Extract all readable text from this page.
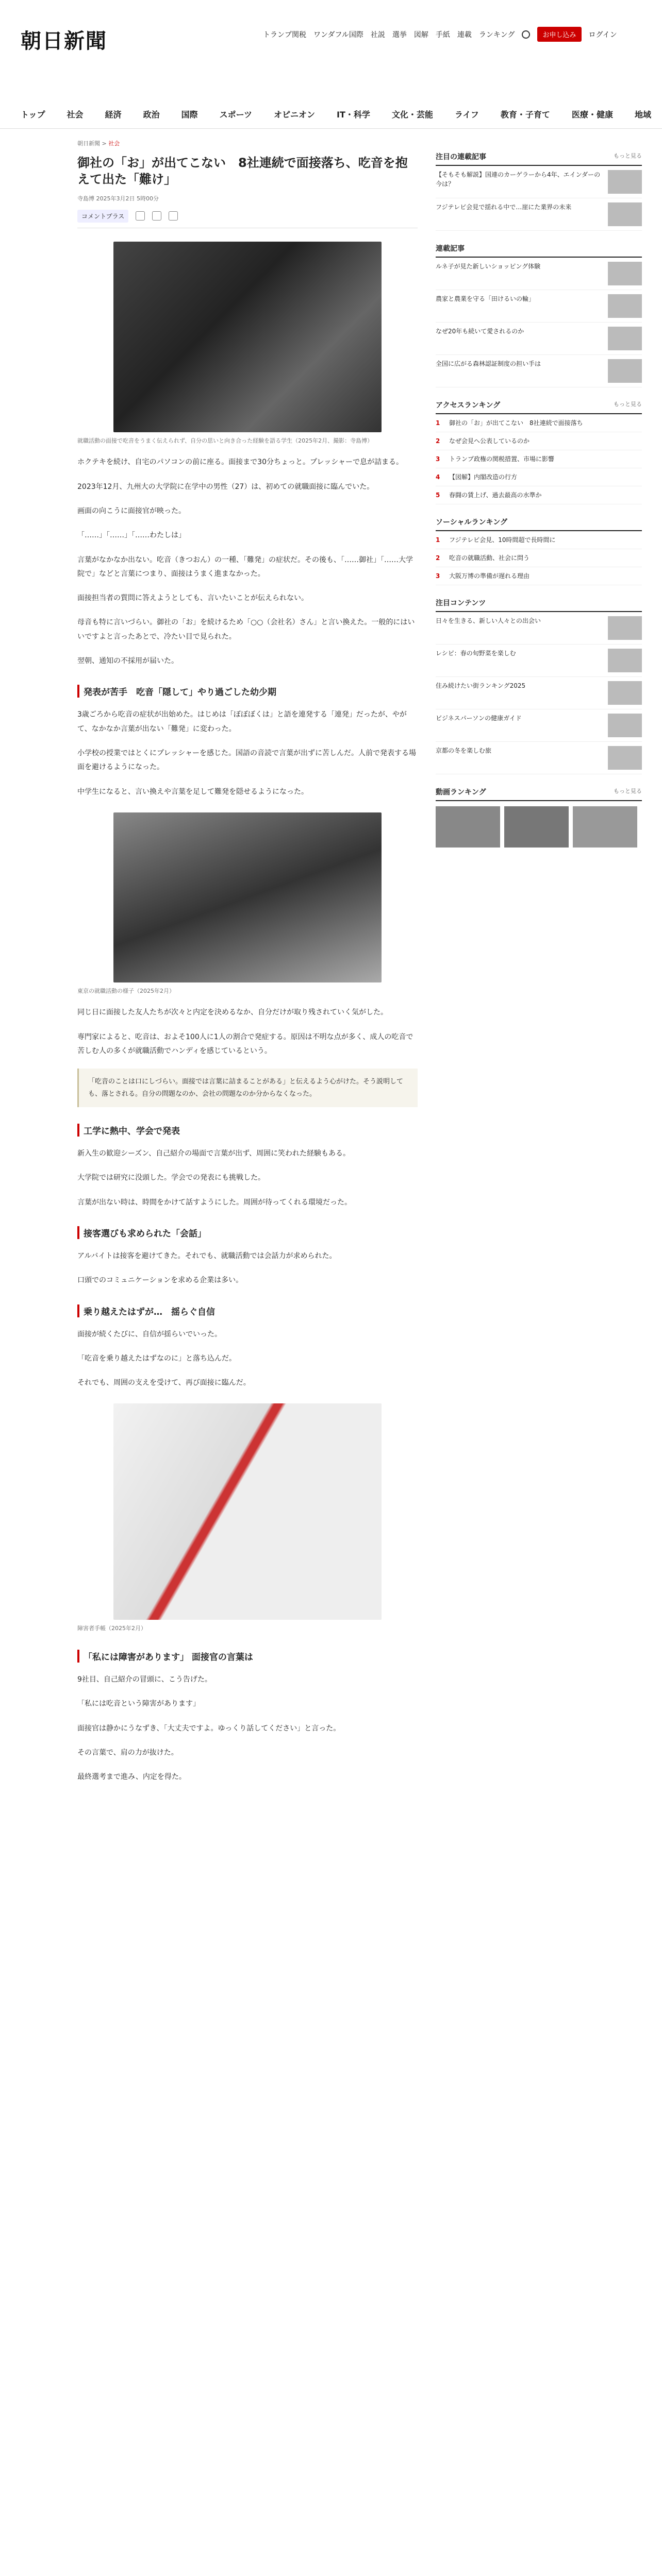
朝日新聞	トランプ関税 ワンダフル国際 社説 選挙 図解 手紙 連載 ランキング	お申し込み	ログイン
トップ	社会	経済	政治	国際	スポーツ	オピニオン	IT・科学	文化・芸能	ライフ	教育・子育て	医療・健康	地域
朝日新聞 > 社会
御社の「お」が出てこない　8社連続で面接落ち、吃音を抱えて出た「難け」
寺島博 2025年3月2日 5時00分
コメントプラス
就職活動の面接で吃音をうまく伝えられず、自分の思いと向き合った経験を語る学生（2025年2月、撮影：寺島博）
ホクテキを続け、自宅のパソコンの前に座る。面接まで30分ちょっと。プレッシャーで息が詰まる。
2023年12月、九州大の大学院に在学中の男性（27）は、初めての就職面接に臨んでいた。
画面の向こうに面接官が映った。
「……」「……」「……わたしは」
言葉がなかなか出ない。吃音（きつおん）の一種、「難発」の症状だ。その後も、「……御社」「……大学院で」などと言葉につまり、面接はうまく進まなかった。
面接担当者の質問に答えようとしても、言いたいことが伝えられない。
母音も特に言いづらい。御社の「お」を続けるため「○○（会社名）さん」と言い換えた。一般的にはいいですよと言ったあとで、冷たい目で見られた。
翌朝、通知の不採用が届いた。
発表が苦手　吃音「隠して」やり過ごした幼少期
3歳ごろから吃音の症状が出始めた。はじめは「ぼぼぼくは」と語を連発する「連発」だったが、やがて、なかなか言葉が出ない「難発」に変わった。
小学校の授業ではとくにプレッシャーを感じた。国語の音読で言葉が出ずに苦しんだ。人前で発表する場面を避けるようになった。
中学生になると、言い換えや言葉を足して難発を隠せるようになった。
東京の就職活動の様子（2025年2月）
同じ日に面接した友人たちが次々と内定を決めるなか、自分だけが取り残されていく気がした。
専門家によると、吃音は、およそ100人に1人の割合で発症する。原因は不明な点が多く、成人の吃音で苦しむ人の多くが就職活動でハンディを感じているという。
「吃音のことは口にしづらい。面接では言葉に詰まることがある」と伝えるよう心がけた。そう説明しても、落とされる。自分の問題なのか、会社の問題なのか分からなくなった。
工学に熱中、学会で発表
新入生の歓迎シーズン、自己紹介の場面で言葉が出ず、周囲に笑われた経験もある。
大学院では研究に没頭した。学会での発表にも挑戦した。
言葉が出ない時は、時間をかけて話すようにした。周囲が待ってくれる環境だった。
接客選びも求められた「会話」
アルバイトは接客を避けてきた。それでも、就職活動では会話力が求められた。
口頭でのコミュニケーションを求める企業は多い。
乗り越えたはずが…　揺らぐ自信
面接が続くたびに、自信が揺らいでいった。
「吃音を乗り越えたはずなのに」と落ち込んだ。
それでも、周囲の支えを受けて、再び面接に臨んだ。
障害者手帳（2025年2月）
「私には障害があります」 面接官の言葉は
9社目、自己紹介の冒頭に、こう告げた。
「私には吃音という障害があります」
面接官は静かにうなずき、「大丈夫ですよ。ゆっくり話してください」と言った。
その言葉で、肩の力が抜けた。
最終選考まで進み、内定を得た。
注目の連載記事	もっと見る
【そもそも解説】国連のカーゲラーから4年、エインダーの今は？
フジテレビ会見で揺れる中で…崖にた業界の未来
連載記事
ルネ子が見た新しいショッピング体験
農家と農業を守る「田けるいの輪」
なぜ20年も続いて愛されるのか
全国に広がる森林認証制度の担い手は
アクセスランキング	もっと見る
1	御社の「お」が出てこない　8社連続で面接落ち
2	なぜ会見へ公表しているのか
3	トランプ政権の関税措置、市場に影響
4	【図解】内閣改造の行方
5	春闘の賃上げ、過去最高の水準か
ソーシャルランキング
1	フジテレビ会見、10時間超で長時間に
2	吃音の就職活動、社会に問う
3	大阪万博の準備が遅れる理由
注目コンテンツ
日々を生きる、新しい人々との出会い
レシピ：春の旬野菜を楽しむ
住み続けたい街ランキング2025
ビジネスパーソンの健康ガイド
京都の冬を楽しむ旅
動画ランキング	もっと見る
